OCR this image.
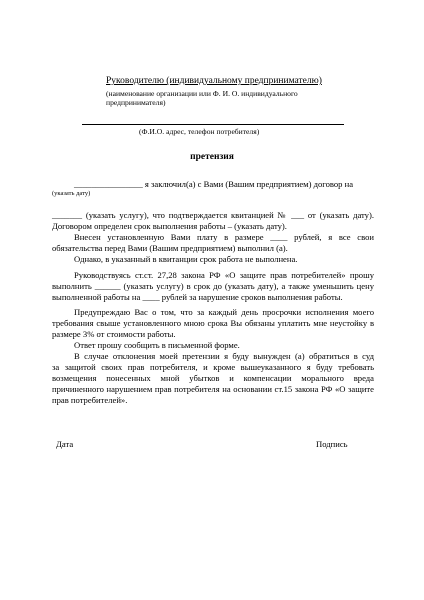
Руководителю (индивидуальному предпринимателю)
(наименование организации или Ф. И. О. индивидуального
предпринимателя)
(Ф.И.О. адрес, телефон потребителя)
претензия
________________ я заключил(а) с Вами (Вашим предприятием) договор на
(указать дату)
_______ (указать услугу), что подтверждается квитанцией № ___ от (указать дату).
Договором определен срок выполнения работы – (указать дату).
Внесен установленную Вами плату в размере ____ рублей, я все свои
обязательства перед Вами (Вашим предприятием) выполнил (а).
Однако, в указанный в квитанции срок работа не выполнена.
Руководствуясь ст.ст. 27,28 закона РФ «О защите прав потребителей» прошу
выполнить ______ (указать услугу) в срок до (указать дату), а также уменьшить цену
выполненной работы на ____ рублей за нарушение сроков выполнения работы.
Предупреждаю Вас о том, что за каждый день просрочки исполнения моего
требования свыше установленного мною срока Вы обязаны уплатить мне неустойку в
размере 3% от стоимости работы.
Ответ прошу сообщить в письменной форме.
В случае отклонения моей претензии я буду вынужден (а) обратиться в суд
за защитой своих прав потребителя, и кроме вышеуказанного я буду требовать
возмещения понесенных мной убытков и компенсации морального вреда
причиненного нарушением прав потребителя на основании ст.15 закона РФ «О защите
прав потребителей».
Дата	Подпись
